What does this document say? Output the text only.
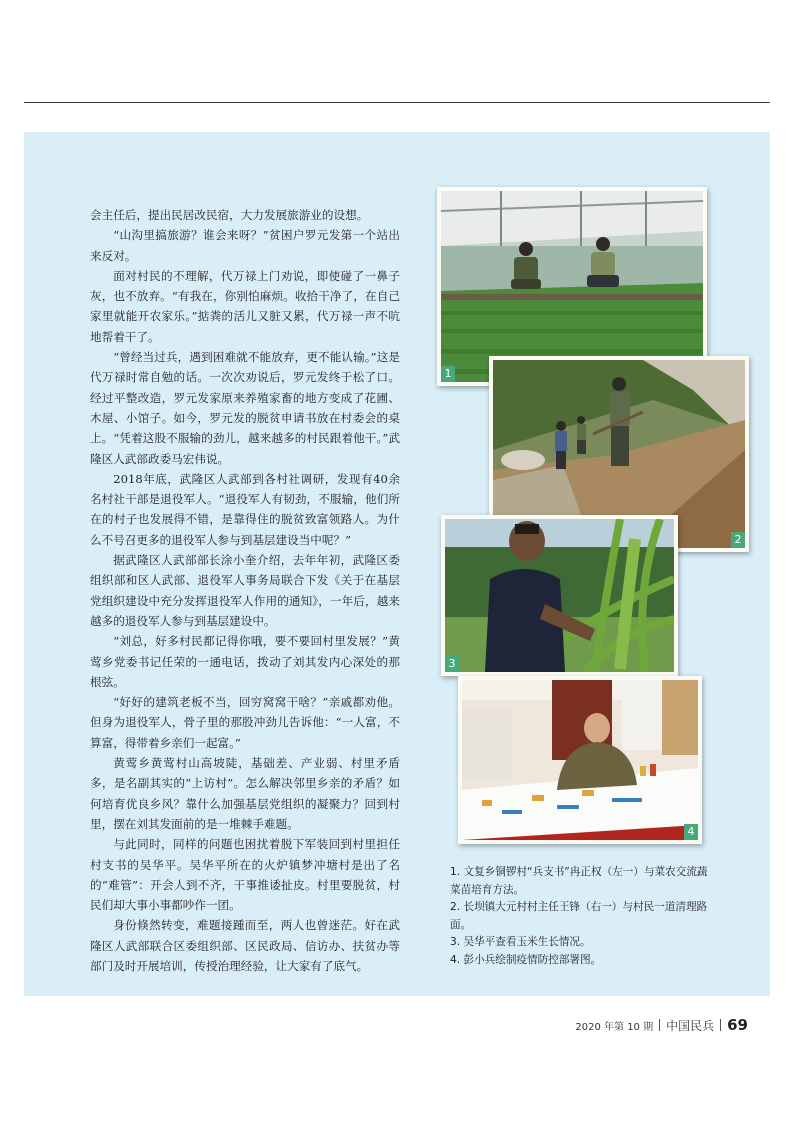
会主任后，提出民居改民宿，大力发展旅游业的设想。

“山沟里搞旅游？谁会来呀？”贫困户罗元发第一个站出来反对。

面对村民的不理解，代万禄上门劝说，即使碰了一鼻子灰，也不放弃。“有我在，你别怕麻烦。收拾干净了，在自己家里就能开农家乐。”掂粪的活儿又脏又累，代万禄一声不吭地帮着干了。

“曾经当过兵，遇到困难就不能放弃，更不能认输。”这是代万禄时常自勉的话。一次次劝说后，罗元发终于松了口。经过平整改造，罗元发家原来养殖家畜的地方变成了花圃、木屋、小馆子。如今，罗元发的脱贫申请书放在村委会的桌上。“凭着这股不服输的劲儿，越来越多的村民跟着他干。”武隆区人武部政委马宏伟说。

2018年底，武隆区人武部到各村社调研，发现有40余名村社干部是退役军人。“退役军人有韧劲，不服输，他们所在的村子也发展得不错，是靠得住的脱贫致富领路人。为什么不号召更多的退役军人参与到基层建设当中呢？”

据武隆区人武部部长涂小奎介绍，去年年初，武隆区委组织部和区人武部、退役军人事务局联合下发《关于在基层党组织建设中充分发挥退役军人作用的通知》，一年后，越来越多的退役军人参与到基层建设中。

“刘总，好多村民都记得你哦，要不要回村里发展？”黄莺乡党委书记任荣的一通电话，拨动了刘其发内心深处的那根弦。

“好好的建筑老板不当，回穷窝窝干啥？”亲戚都劝他。但身为退役军人，骨子里的那股冲劲儿告诉他：“一人富，不算富，得带着乡亲们一起富。”

黄莺乡黄莺村山高坡陡，基础差、产业弱、村里矛盾多，是名副其实的“上访村”。怎么解决邻里乡亲的矛盾？如何培育优良乡风？靠什么加强基层党组织的凝聚力？回到村里，摆在刘其发面前的是一堆棘手难题。

与此同时，同样的问题也困扰着脱下军装回到村里担任村支书的吴华平。吴华平所在的火炉镇梦冲塘村是出了名的“难管”：开会人到不齐，干事推诿扯皮。村里要脱贫，村民们却大事小事都吵作一团。

身份倏然转变，难题接踵而至，两人也曾迷茫。好在武隆区人武部联合区委组织部、区民政局、信访办、扶贫办等部门及时开展培训，传授治理经验，让大家有了底气。

1
2
3
4

1. 文复乡铜锣村“兵支书”冉正权（左一）与菜农交流蔬菜苗培育方法。

2. 长坝镇大元村村主任王锋（右一）与村民一道清理路面。

3. 吴华平查看玉米生长情况。

4. 彭小兵绘制疫情防控部署图。

2020 年第 10 期 中国民兵 69
